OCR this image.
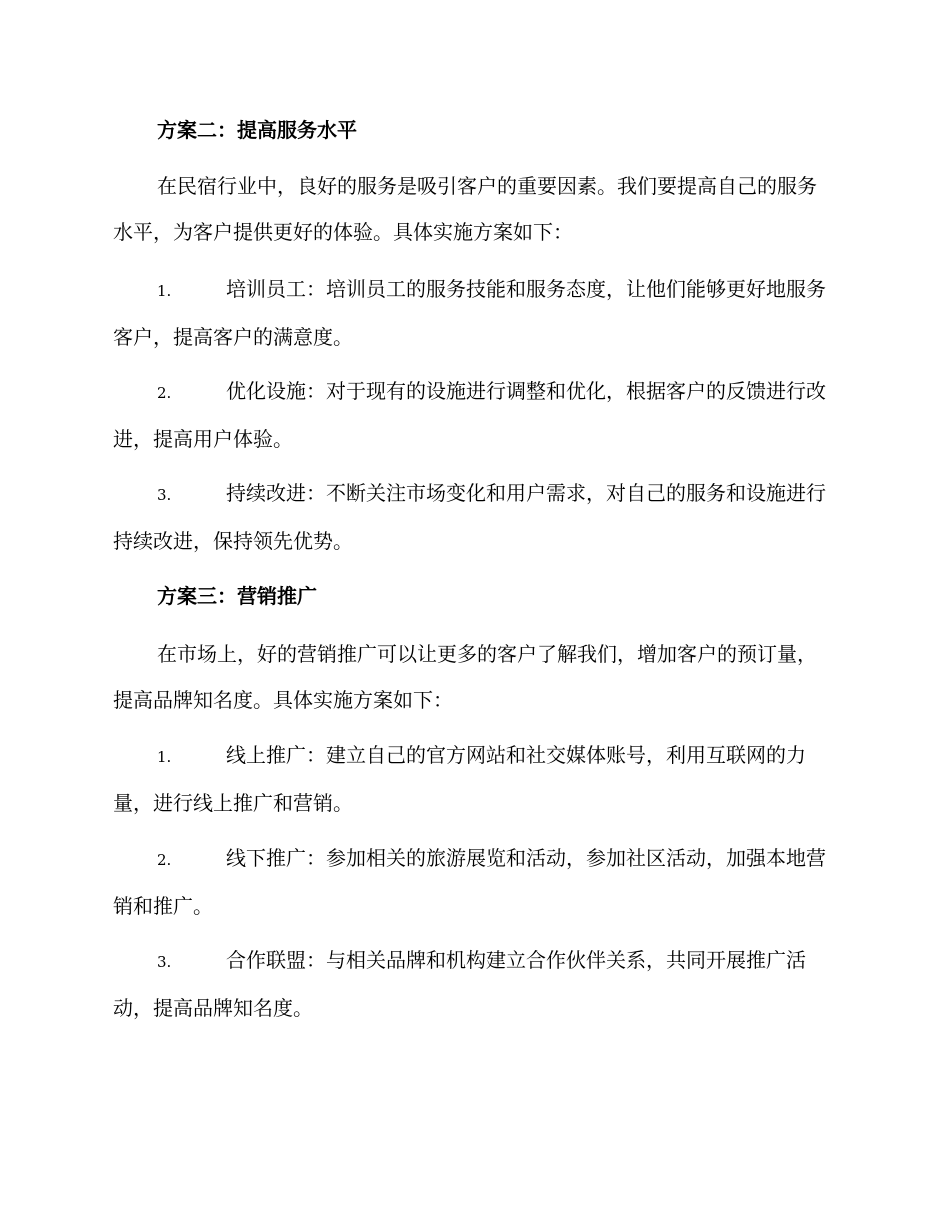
方案二：提高服务水平

在民宿行业中，良好的服务是吸引客户的重要因素。我们要提高自己的服务水平，为客户提供更好的体验。具体实施方案如下：

1.	培训员工：培训员工的服务技能和服务态度，让他们能够更好地服务客户，提高客户的满意度。

2.	优化设施：对于现有的设施进行调整和优化，根据客户的反馈进行改进，提高用户体验。

3.	持续改进：不断关注市场变化和用户需求，对自己的服务和设施进行持续改进，保持领先优势。

方案三：营销推广

在市场上，好的营销推广可以让更多的客户了解我们，增加客户的预订量，提高品牌知名度。具体实施方案如下：

1.	线上推广：建立自己的官方网站和社交媒体账号，利用互联网的力量，进行线上推广和营销。

2.	线下推广：参加相关的旅游展览和活动，参加社区活动，加强本地营销和推广。

3.	合作联盟：与相关品牌和机构建立合作伙伴关系，共同开展推广活动，提高品牌知名度。
